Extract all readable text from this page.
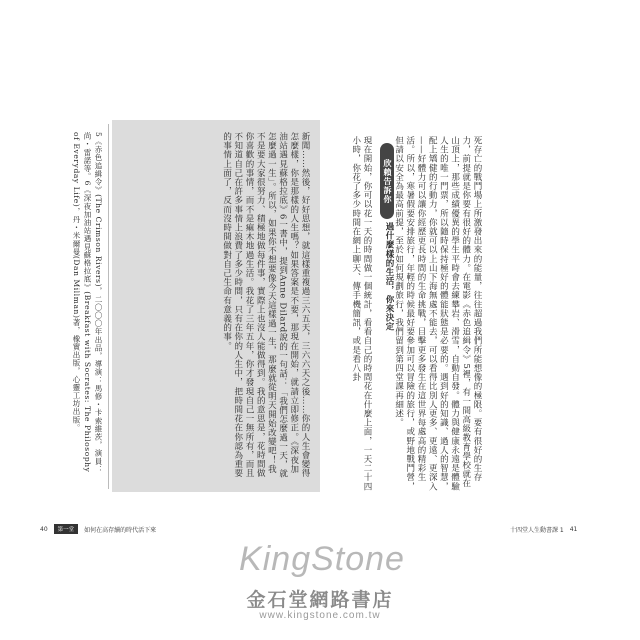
新聞……然後，好好思想，就這樣重複過三六五天，三六六天之後……你的人生會變得怎麼樣，你是那樣的人生嗎？如果答案是不要，那現在開始，就請立即修正。《深夜加油站遇見蘇格拉底》6一書中，提到Anne Dilard說的一句話：「我們怎麼過一天，就怎麼過一生」。所以，如果你不想要像今天這樣過一生，那麼就從明天開始改變吧！我不是要大家很努力、積極地做每件事，實際上也沒人能做得到。我的意思是，花時間做你喜歡的事情，而不是痲木地過生活。我花了三年五年，你才發現自己一無所有，而且不知道自己在許多事情上浪費了多少時間，只有在你的人生中，把時間花在你認為重要的事情上面了，反而沒時間做對自己生命有意義的事。
5《赤色追緝令》(The Crimson Rivers)，二〇〇〇年出品，導演：馬修・卡索維茨，演員：尚・雷諾等。6《深夜加油站遇見蘇格拉底》(Breakfast with Socrates: The Philosophy of Everyday Life)，丹・米爾曼(Dan Millman)著，橡實出版，心靈工坊出版。	死存亡的戰鬥場上所激發出來的能量，往往超過我們所能想像的極限。要有很好的生存力，前提就是你要有很好的體力。在電影《赤色追緝令》5裡，有一間高級教育學校就在山頂上，那些成績優異的學生平時會去練攀岩、滑雪，自動自發。體力與健康永遠是體驗人生的唯一門票，所以隨時保持極好的體能狀態是必要的。遇到好的知識、過人的智慧，配上矯健的行動力，你就可以上山下海無處不能去，可以看得比別人更多、更遠、更深入——好體力可以讓你經歷更長時間的生命挑戰，目擊更多發生在這世界每處高的精彩生活。所以，寒暑假要安排旅行，年輕的時候最好要參加可以冒險的旅行，或野地戰鬥營，但請以安全為最高前提，至於如何規劃旅行，我們留到第四堂課再細述。
欣賴告訴你
過什麼樣的生活，你來決定
現在開始，你可以花一天的時間做一個統計，看看自己的時間花在什麼上面，一天二十四小時，你花了多少時間在網上聊天、傳手機簡訊，或是看八卦
40	第一堂	如何在高存續的時代活下來	十四堂人生動書課 1 41
KingStone
金石堂網路書店
www.kingstone.com.tw
